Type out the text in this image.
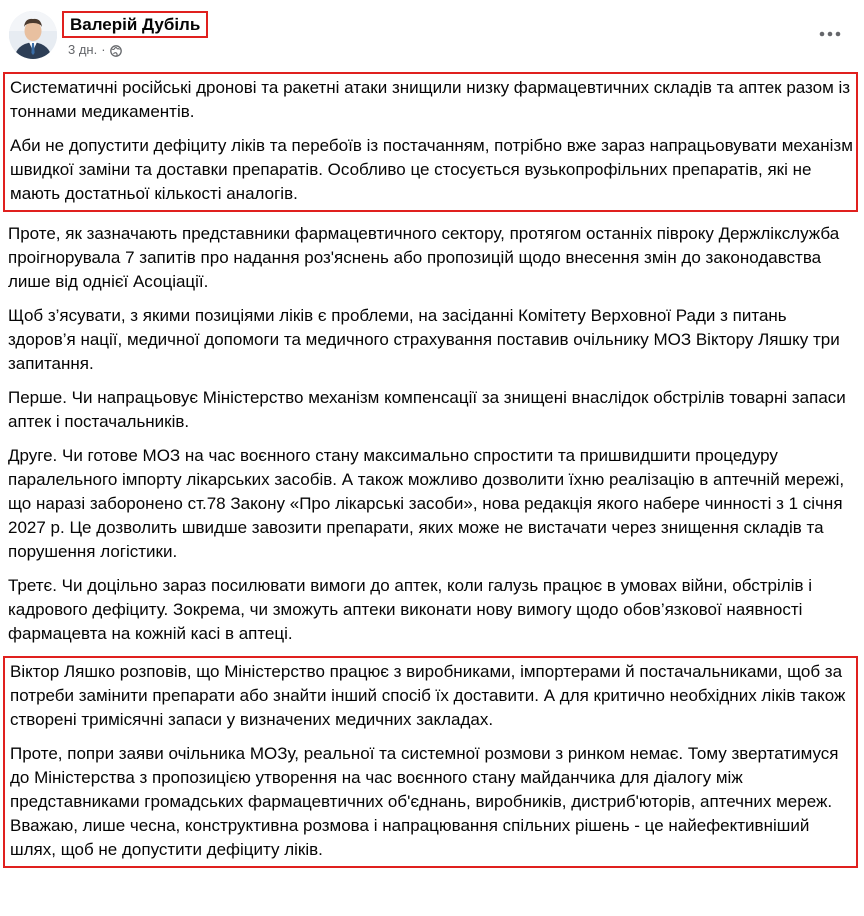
Валерій Дубіль
3 дн. ·

Систематичні російські дронові та ракетні атаки знищили низку фармацевтичних складів та аптек разом із тоннами медикаментів.

Аби не допустити дефіциту ліків та перебоїв із постачанням, потрібно вже зараз напрацьовувати механізм швидкої заміни та доставки препаратів. Особливо це стосується вузькопрофільних препаратів, які не мають достатньої кількості аналогів.

Проте, як зазначають представники фармацевтичного сектору, протягом останніх півроку Держлікслужба проігнорувала 7 запитів про надання роз'яснень або пропозицій щодо внесення змін до законодавства лише від однієї Асоціації.

Щоб з’ясувати, з якими позиціями ліків є проблеми, на засіданні Комітету Верховної Ради з питань здоров’я нації, медичної допомоги та медичного страхування поставив очільнику МОЗ Віктору Ляшку три запитання.

Перше. Чи напрацьовує Міністерство механізм компенсації за знищені внаслідок обстрілів товарні запаси аптек і постачальників.

Друге. Чи готове МОЗ на час воєнного стану максимально спростити та пришвидшити процедуру паралельного імпорту лікарських засобів. А також можливо дозволити їхню реалізацію в аптечній мережі, що наразі заборонено ст.78 Закону «Про лікарські засоби», нова редакція якого набере чинності з 1 січня 2027 р. Це дозволить швидше завозити препарати, яких може не вистачати через знищення складів та порушення логістики.

Третє. Чи доцільно зараз посилювати вимоги до аптек, коли галузь працює в умовах війни, обстрілів і кадрового дефіциту. Зокрема, чи зможуть аптеки виконати нову вимогу щодо обов’язкової наявності фармацевта на кожній касі в аптеці.

Віктор Ляшко розповів, що Міністерство працює з виробниками, імпортерами й постачальниками, щоб за потреби замінити препарати або знайти інший спосіб їх доставити. А для критично необхідних ліків також створені тримісячні запаси у визначених медичних закладах.

Проте, попри заяви очільника МОЗу, реальної та системної розмови з ринком немає. Тому звертатимуся до Міністерства з пропозицією утворення на час воєнного стану майданчика для діалогу між представниками громадських фармацевтичних об'єднань, виробників, дистриб'юторів, аптечних мереж. Вважаю, лише чесна, конструктивна розмова і напрацювання спільних рішень - це найефективніший шлях, щоб не допустити дефіциту ліків.
